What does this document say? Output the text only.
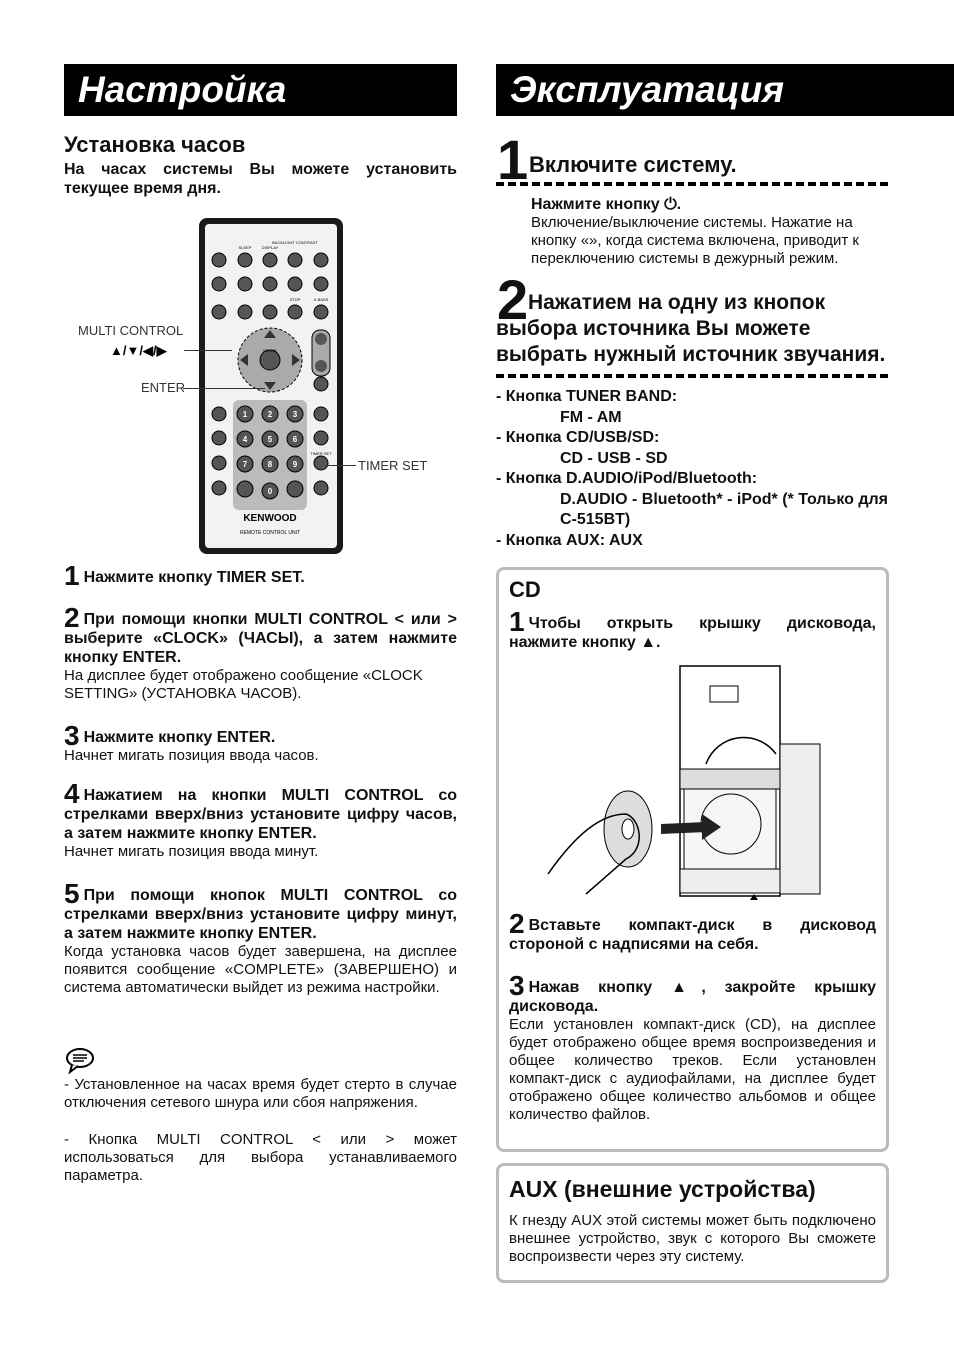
Настройка
Установка часов
На часах системы Вы можете установить текущее время дня.
SLEEP	DISPLAY
BACKLIGHT CONTRAST
STOP	X-BASS
ENTER
1	2	3
4	5	6
7	8	9
0
TIMER SET
KENWOOD
REMOTE CONTROL UNIT
MULTI CONTROL
▲/▼/◀/▶
ENTER
TIMER SET
1 Нажмите кнопку TIMER SET.
2 При помощи кнопки MULTI CONTROL < или > выберите «CLOCK» (ЧАСЫ), а затем нажмите кнопку ENTER.
На дисплее будет отображено сообщение «CLOCK SETTING» (УСТАНОВКА ЧАСОВ).
3 Нажмите кнопку ENTER.
Начнет мигать позиция ввода часов.
4 Нажатием на кнопки MULTI CONTROL со стрелками вверх/вниз установите цифру часов, а затем нажмите кнопку ENTER.
Начнет мигать позиция ввода минут.
5 При помощи кнопок MULTI CONTROL со стрелками вверх/вниз установите цифру минут, а затем нажмите кнопку ENTER.
Когда установка часов будет завершена, на дисплее появится сообщение «COMPLETE» (ЗАВЕРШЕНО) и система автоматически выйдет из режима настройки.
- Установленное на часах время будет стерто в случае отключения сетевого шнура или сбоя напряжения.
- Кнопка MULTI CONTROL < или > может использоваться для выбора устанавливаемого параметра.
Эксплуатация
1 Включите систему.
Нажмите кнопку ⏻.
Включение/выключение системы. Нажатие на кнопку «», когда система включена, приводит к переключению системы в дежурный режим.
2 Нажатием на одну из кнопок выбора источника Вы можете выбрать нужный источник звучания.
- Кнопка TUNER BAND:
FM - AM
- Кнопка CD/USB/SD:
CD - USB - SD
- Кнопка D.AUDIO/iPod/Bluetooth:
D.AUDIO - Bluetooth* - iPod* (* Только для C-515BT)
- Кнопка AUX: AUX
CD
1 Чтобы открыть крышку дисковода, нажмите кнопку ▲.
2 Вставьте компакт-диск в дисковод стороной с надписями на себя.
3 Нажав кнопку ▲, закройте крышку дисковода.
Если установлен компакт-диск (CD), на дисплее будет отображено общее время воспроизведения и общее количество треков. Если установлен компакт-диск с аудиофайлами, на дисплее будет отображено общее количество альбомов и общее количество файлов.
AUX (внешние устройства)
К гнезду AUX этой системы может быть подключено внешнее устройство, звук с которого Вы сможете воспроизвести через эту систему.
